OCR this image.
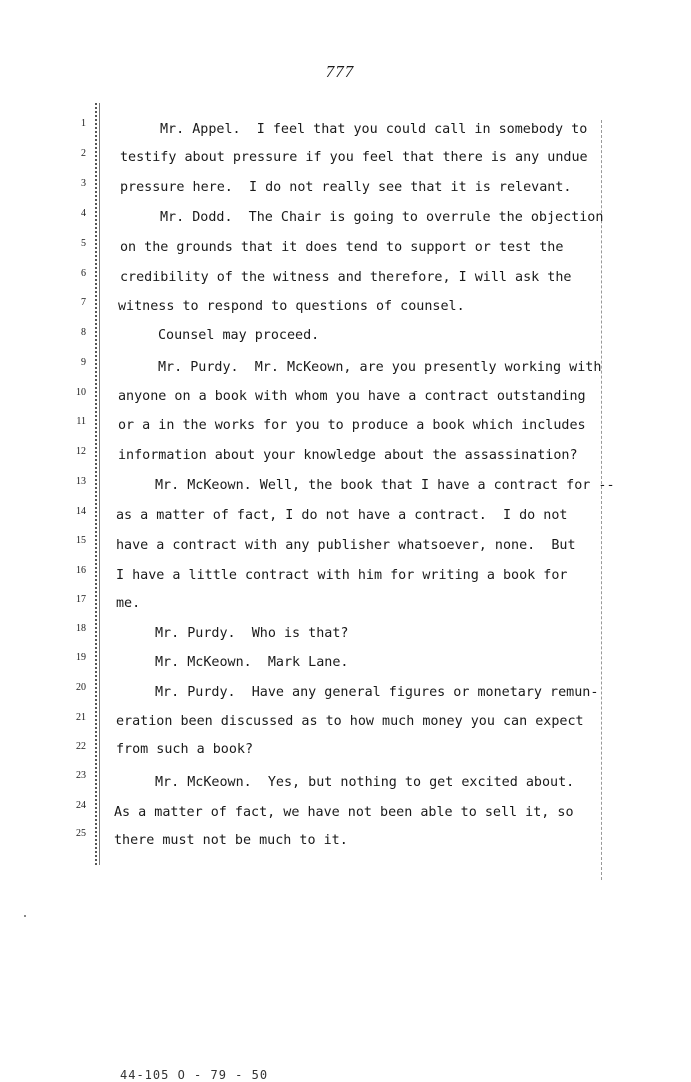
777
1
2
3
4
5
6
7
8
9
10
11
12
13
14
15
16
17
18
19
20
21
22
23
24
25
Mr. Appel.  I feel that you could call in somebody to
testify about pressure if you feel that there is any undue
pressure here.  I do not really see that it is relevant.
Mr. Dodd.  The Chair is going to overrule the objection
on the grounds that it does tend to support or test the
credibility of the witness and therefore, I will ask the
witness to respond to questions of counsel.
Counsel may proceed.
Mr. Purdy.  Mr. McKeown, are you presently working with
anyone on a book with whom you have a contract outstanding
or a in the works for you to produce a book which includes
information about your knowledge about the assassination?
Mr. McKeown. Well, the book that I have a contract for --
as a matter of fact, I do not have a contract.  I do not
have a contract with any publisher whatsoever, none.  But
I have a little contract with him for writing a book for
me.
Mr. Purdy.  Who is that?
Mr. McKeown.  Mark Lane.
Mr. Purdy.  Have any general figures or monetary remun-
eration been discussed as to how much money you can expect
from such a book?
Mr. McKeown.  Yes, but nothing to get excited about.
As a matter of fact, we have not been able to sell it, so
there must not be much to it.
44-105 O - 79 - 50
